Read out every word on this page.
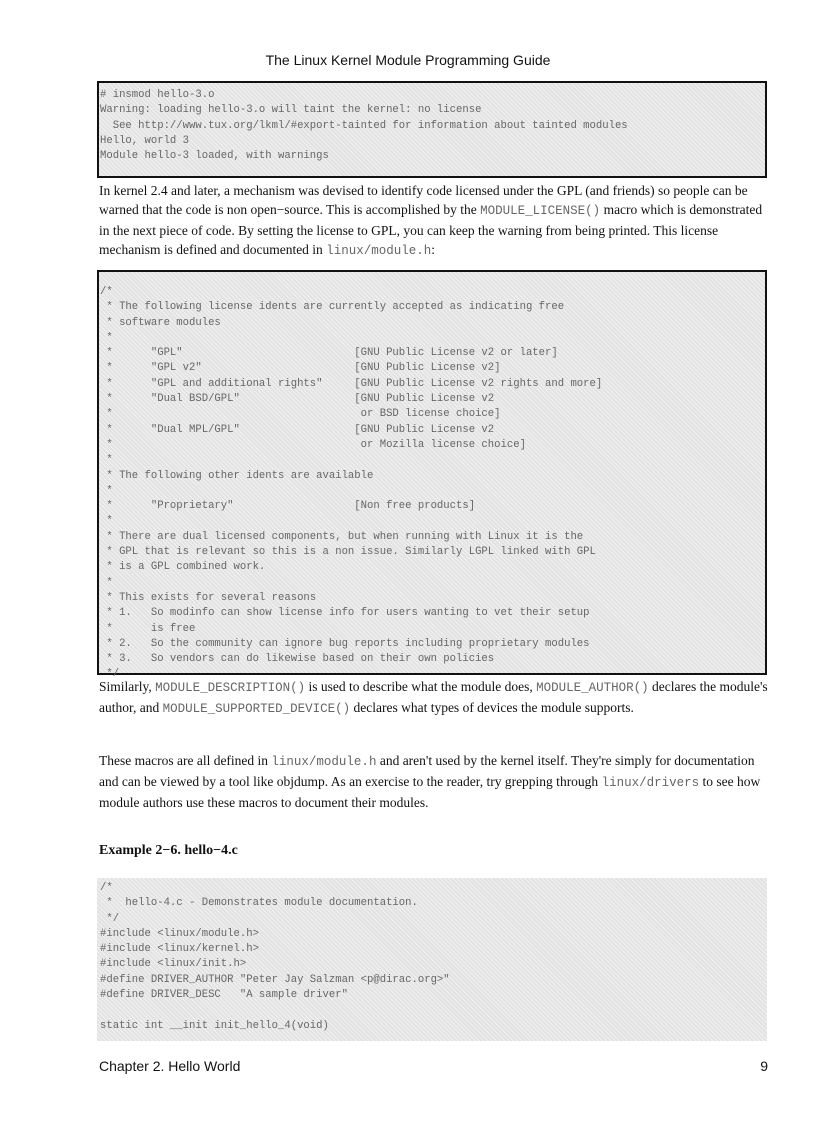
The Linux Kernel Module Programming Guide
# insmod hello-3.o
Warning: loading hello-3.o will taint the kernel: no license
See http://www.tux.org/lkml/#export-tainted for information about tainted modules
Hello, world 3
Module hello-3 loaded, with warnings

In kernel 2.4 and later, a mechanism was devised to identify code licensed under the GPL (and friends) so people can be warned that the code is non open−source. This is accomplished by the MODULE_LICENSE() macro which is demonstrated in the next piece of code. By setting the license to GPL, you can keep the warning from being printed. This license mechanism is defined and documented in linux/module.h:

/*
* The following license idents are currently accepted as indicating free
* software modules
*
*      "GPL"                           [GNU Public License v2 or later]
*      "GPL v2"                        [GNU Public License v2]
*      "GPL and additional rights"     [GNU Public License v2 rights and more]
*      "Dual BSD/GPL"                  [GNU Public License v2
*                                       or BSD license choice]
*      "Dual MPL/GPL"                  [GNU Public License v2
*                                       or Mozilla license choice]
*
* The following other idents are available
*
*      "Proprietary"                   [Non free products]
*
* There are dual licensed components, but when running with Linux it is the
* GPL that is relevant so this is a non issue. Similarly LGPL linked with GPL
* is a GPL combined work.
*
* This exists for several reasons
* 1.   So modinfo can show license info for users wanting to vet their setup
*      is free
* 2.   So the community can ignore bug reports including proprietary modules
* 3.   So vendors can do likewise based on their own policies
*/

Similarly, MODULE_DESCRIPTION() is used to describe what the module does, MODULE_AUTHOR() declares the module's author, and MODULE_SUPPORTED_DEVICE() declares what types of devices the module supports.

These macros are all defined in linux/module.h and aren't used by the kernel itself. They're simply for documentation and can be viewed by a tool like objdump. As an exercise to the reader, try grepping through linux/drivers to see how module authors use these macros to document their modules.

Example 2−6. hello−4.c
/*
*  hello-4.c - Demonstrates module documentation.
*/
#include <linux/module.h>
#include <linux/kernel.h>
#include <linux/init.h>
#define DRIVER_AUTHOR "Peter Jay Salzman <p@dirac.org>"
#define DRIVER_DESC   "A sample driver"

static int __init init_hello_4(void)
Chapter 2. Hello World	9
